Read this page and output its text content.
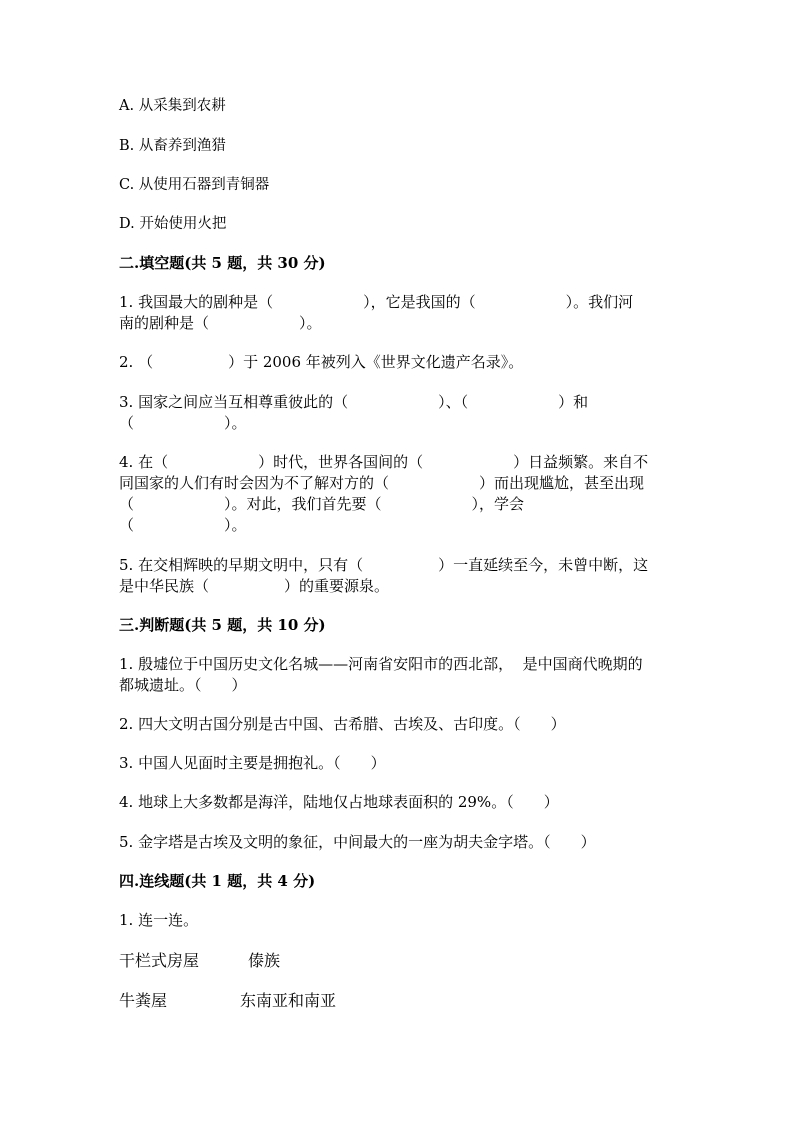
A. 从采集到农耕
B. 从畜养到渔猎
C. 从使用石器到青铜器
D. 开始使用火把
二.填空题(共 5 题，共 30 分)
1. 我国最大的剧种是（　　　　　　），它是我国的（　　　　　　）。我们河
南的剧种是（　　　　　　）。
2. （　　　　　）于 2006 年被列入《世界文化遗产名录》。
3. 国家之间应当互相尊重彼此的（　　　　　　）、（　　　　　　）和
（　　　　　　）。
4. 在（　　　　　　）时代，世界各国间的（　　　　　　）日益频繁。来自不
同国家的人们有时会因为不了解对方的（　　　　　　）而出现尴尬，甚至出现
（　　　　　　）。对此，我们首先要（　　　　　　），学会
（　　　　　　）。
5. 在交相辉映的早期文明中，只有（　　　　　）一直延续至今，未曾中断，这
是中华民族（　　　　　）的重要源泉。
三.判断题(共 5 题，共 10 分)
1. 殷墟位于中国历史文化名城——河南省安阳市的西北部，  是中国商代晚期的
都城遗址。（　　）
2. 四大文明古国分别是古中国、古希腊、古埃及、古印度。（　　）
3. 中国人见面时主要是拥抱礼。（　　）
4. 地球上大多数都是海洋，陆地仅占地球表面积的 29%。（　　）
5. 金字塔是古埃及文明的象征，中间最大的一座为胡夫金字塔。（　　）
四.连线题(共 1 题，共 4 分)
1. 连一连。
干栏式房屋	傣族
牛粪屋	东南亚和南亚
